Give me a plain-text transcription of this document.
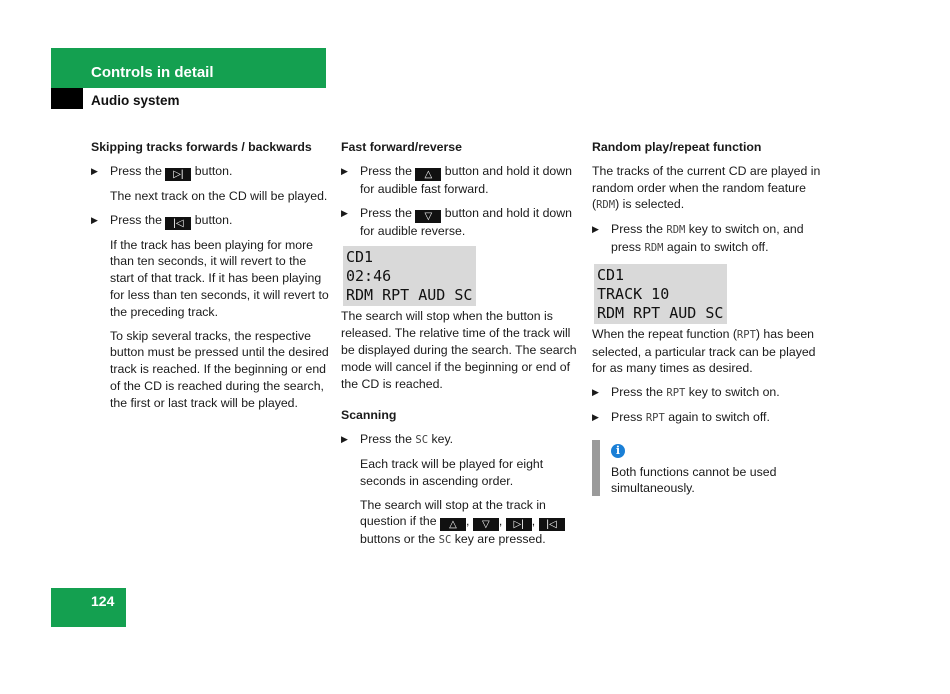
Controls in detail
Audio system
Skipping tracks forwards / backwards
▶ Press the ▷| button.

The next track on the CD will be played.

▶ Press the |◁ button.

If the track has been playing for more than ten seconds, it will revert to the start of that track. If it has been playing for less than ten seconds, it will revert to the preceding track.

To skip several tracks, the respective button must be pressed until the desired track is reached. If the beginning or end of the CD is reached during the search, the first or last track will be played.

Fast forward/reverse
▶ Press the △ button and hold it down for audible fast forward.
▶ Press the ▽ button and hold it down for audible reverse.
CD1
02:46
RDM RPT AUD SC

The search will stop when the button is released. The relative time of the track will be displayed during the search. The search mode will cancel if the beginning or end of the CD is reached.

Scanning
▶ Press the SC key.

Each track will be played for eight seconds in ascending order.

The search will stop at the track in question if the △ , ▽ , ▷| , |◁ buttons or the SC key are pressed.

Random play/repeat function

The tracks of the current CD are played in random order when the random feature (RDM) is selected.

▶ Press the RDM key to switch on, and press RDM again to switch off.
CD1
TRACK 10
RDM RPT AUD SC

When the repeat function (RPT) has been selected, a particular track can be played for as many times as desired.

▶ Press the RPT key to switch on.
▶ Press RPT again to switch off.
i
Both functions cannot be used simultaneously.
124
